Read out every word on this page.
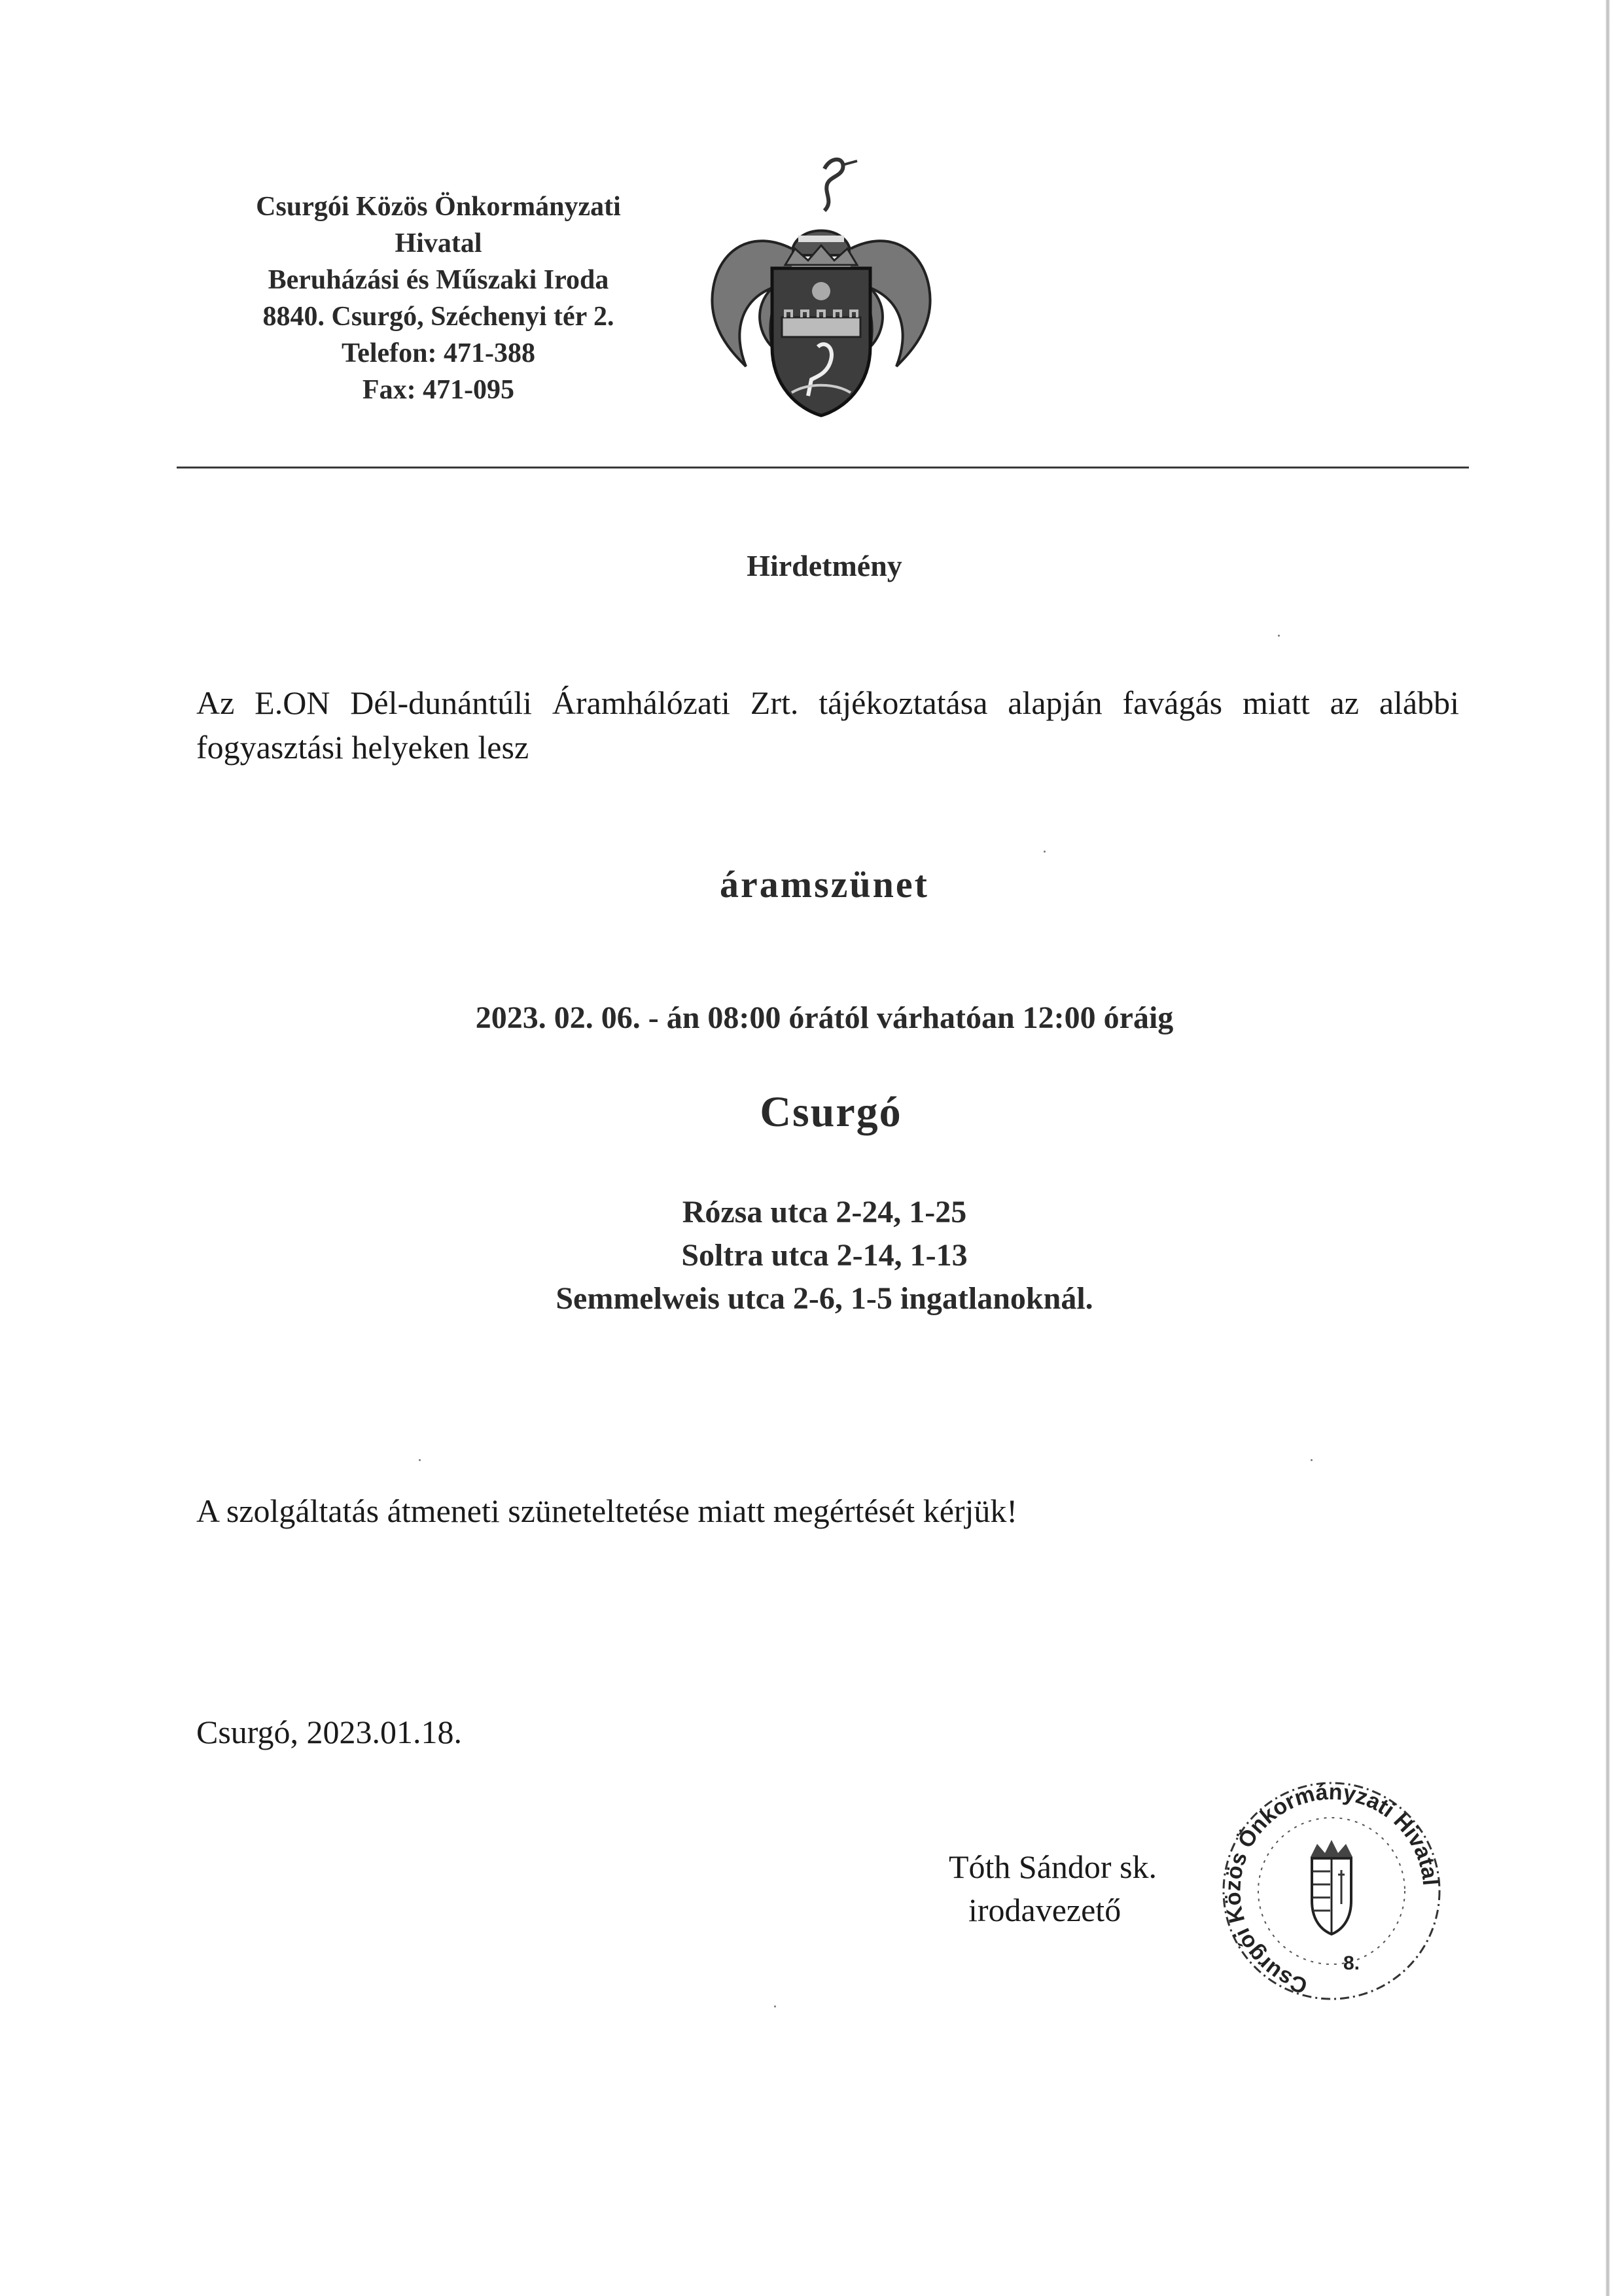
Csurgói Közös Önkormányzati
Hivatal
Beruházási és Műszaki Iroda
8840. Csurgó, Széchenyi tér 2.
Telefon: 471-388
Fax: 471-095
Hirdetmény
Az E.ON Dél-dunántúli Áramhálózati Zrt. tájékoztatása alapján favágás miatt az alábbi fogyasztási helyeken lesz
áramszünet
2023. 02. 06. - án 08:00 órától várhatóan 12:00 óráig
Csurgó
Rózsa utca 2-24, 1-25
Soltra utca 2-14, 1-13
Semmelweis utca 2-6, 1-5 ingatlanoknál.
A szolgáltatás átmeneti szüneteltetése miatt megértését kérjük!
Csurgó, 2023.01.18.
Tóth Sándor sk.
irodavezető
Csurgói Közös Önkormányzati Hivatal
8.
